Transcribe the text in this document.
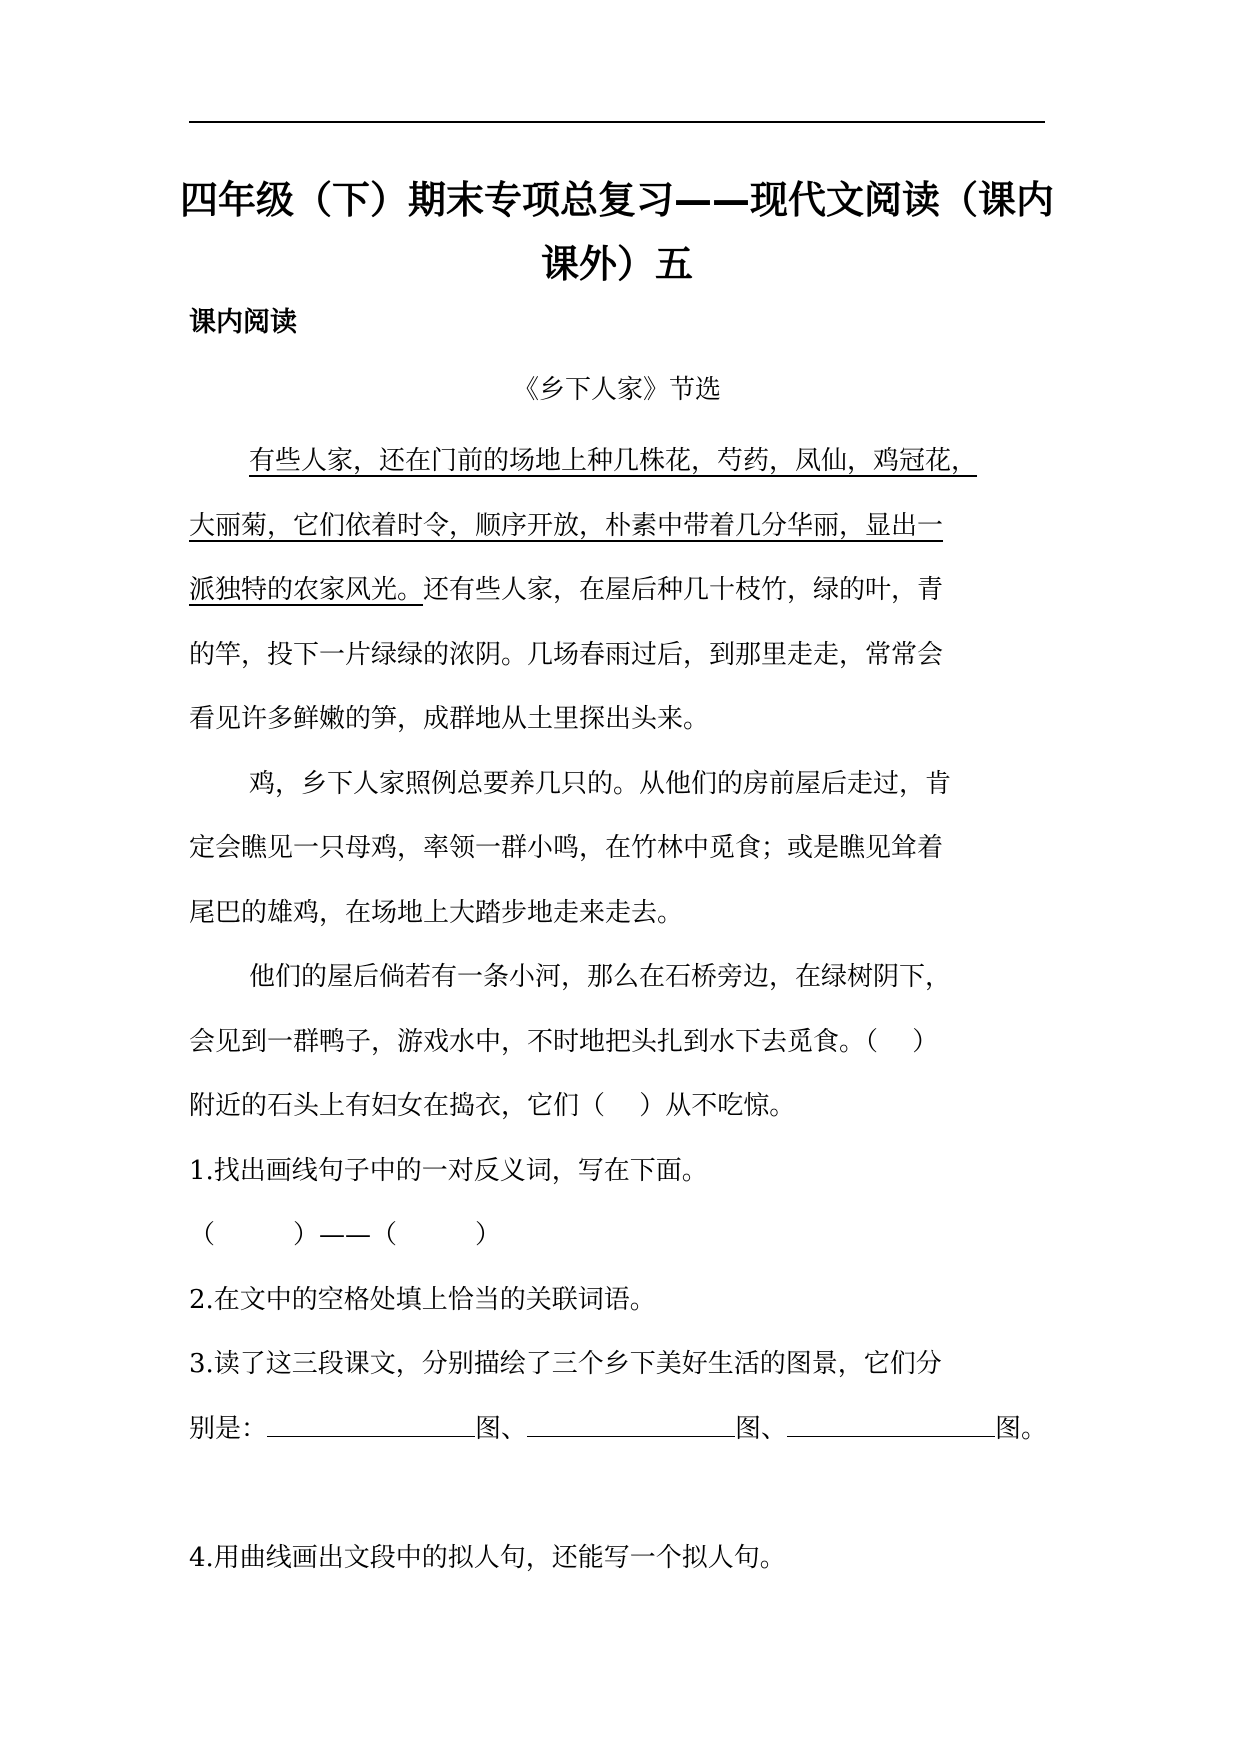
四年级（下）期末专项总复习——现代文阅读（课内
课外）五
课内阅读

《乡下人家》节选

有些人家，还在门前的场地上种几株花，芍药，凤仙，鸡冠花，
大丽菊，它们依着时令，顺序开放，朴素中带着几分华丽，显出一
派独特的农家风光。还有些人家，在屋后种几十枝竹，绿的叶，青
的竿，投下一片绿绿的浓阴。几场春雨过后，到那里走走，常常会
看见许多鲜嫩的笋，成群地从土里探出头来。
鸡，乡下人家照例总要养几只的。从他们的房前屋后走过，肯
定会瞧见一只母鸡，率领一群小鸣，在竹林中觅食；或是瞧见耸着
尾巴的雄鸡，在场地上大踏步地走来走去。
他们的屋后倘若有一条小河，那么在石桥旁边，在绿树阴下，
会见到一群鸭子，游戏水中，不时地把头扎到水下去觅食。（　 ）
附近的石头上有妇女在捣衣，它们（　 ）从不吃惊。
1.找出画线句子中的一对反义词，写在下面。
（　　　）——（　　　）
2.在文中的空格处填上恰当的关联词语。
3.读了这三段课文，分别描绘了三个乡下美好生活的图景，它们分
别是：	图、	图、	图。
4.用曲线画出文段中的拟人句，还能写一个拟人句。
